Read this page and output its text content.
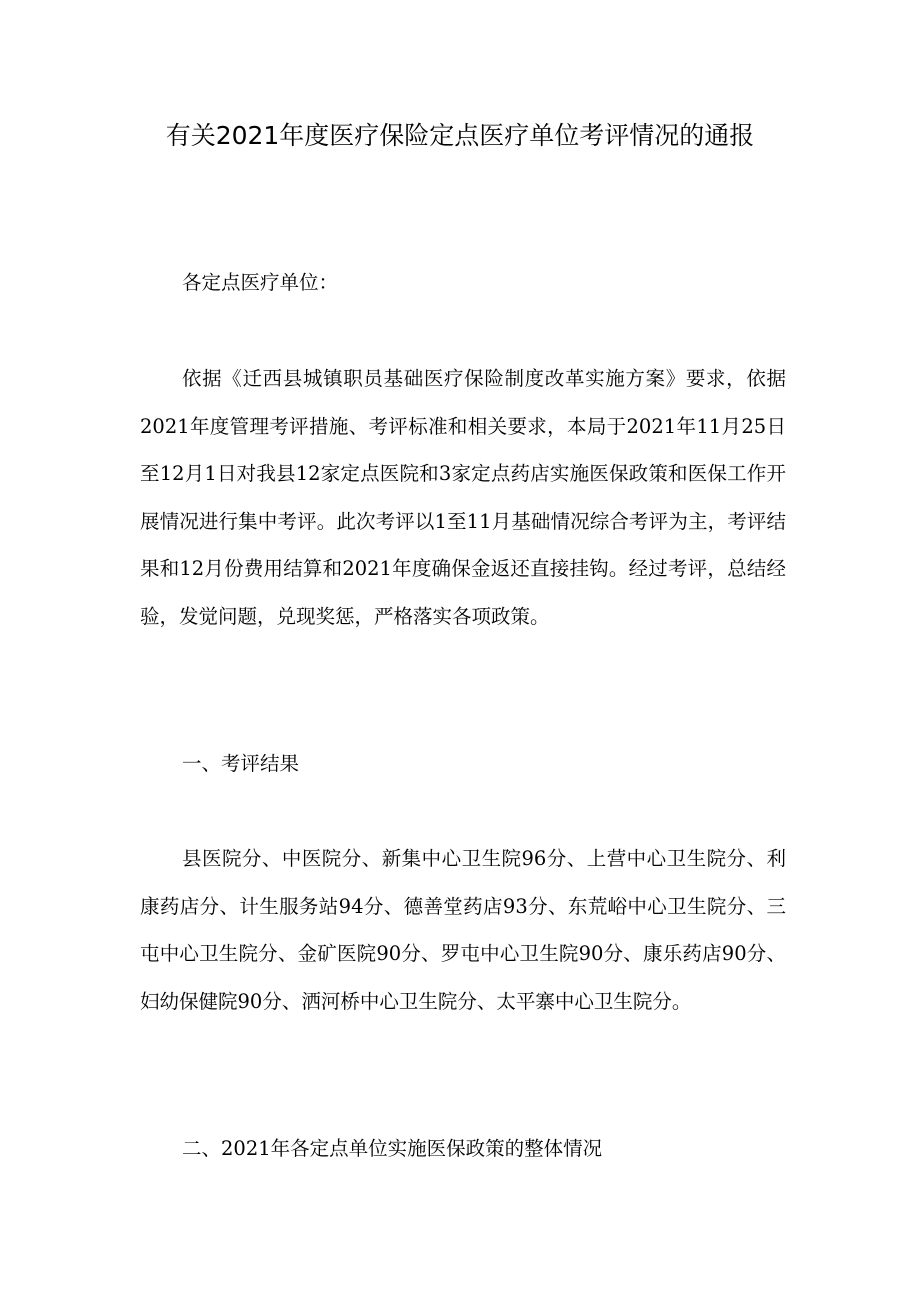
有关2021年度医疗保险定点医疗单位考评情况的通报

各定点医疗单位：

依据《迁西县城镇职员基础医疗保险制度改革实施方案》要求，依据2021年度管理考评措施、考评标准和相关要求，本局于2021年11月25日至12月1日对我县12家定点医院和3家定点药店实施医保政策和医保工作开展情况进行集中考评。此次考评以1至11月基础情况综合考评为主，考评结果和12月份费用结算和2021年度确保金返还直接挂钩。经过考评，总结经验，发觉问题，兑现奖惩，严格落实各项政策。

一、考评结果

县医院分、中医院分、新集中心卫生院96分、上营中心卫生院分、利康药店分、计生服务站94分、德善堂药店93分、东荒峪中心卫生院分、三屯中心卫生院分、金矿医院90分、罗屯中心卫生院90分、康乐药店90分、妇幼保健院90分、洒河桥中心卫生院分、太平寨中心卫生院分。

二、2021年各定点单位实施医保政策的整体情况
